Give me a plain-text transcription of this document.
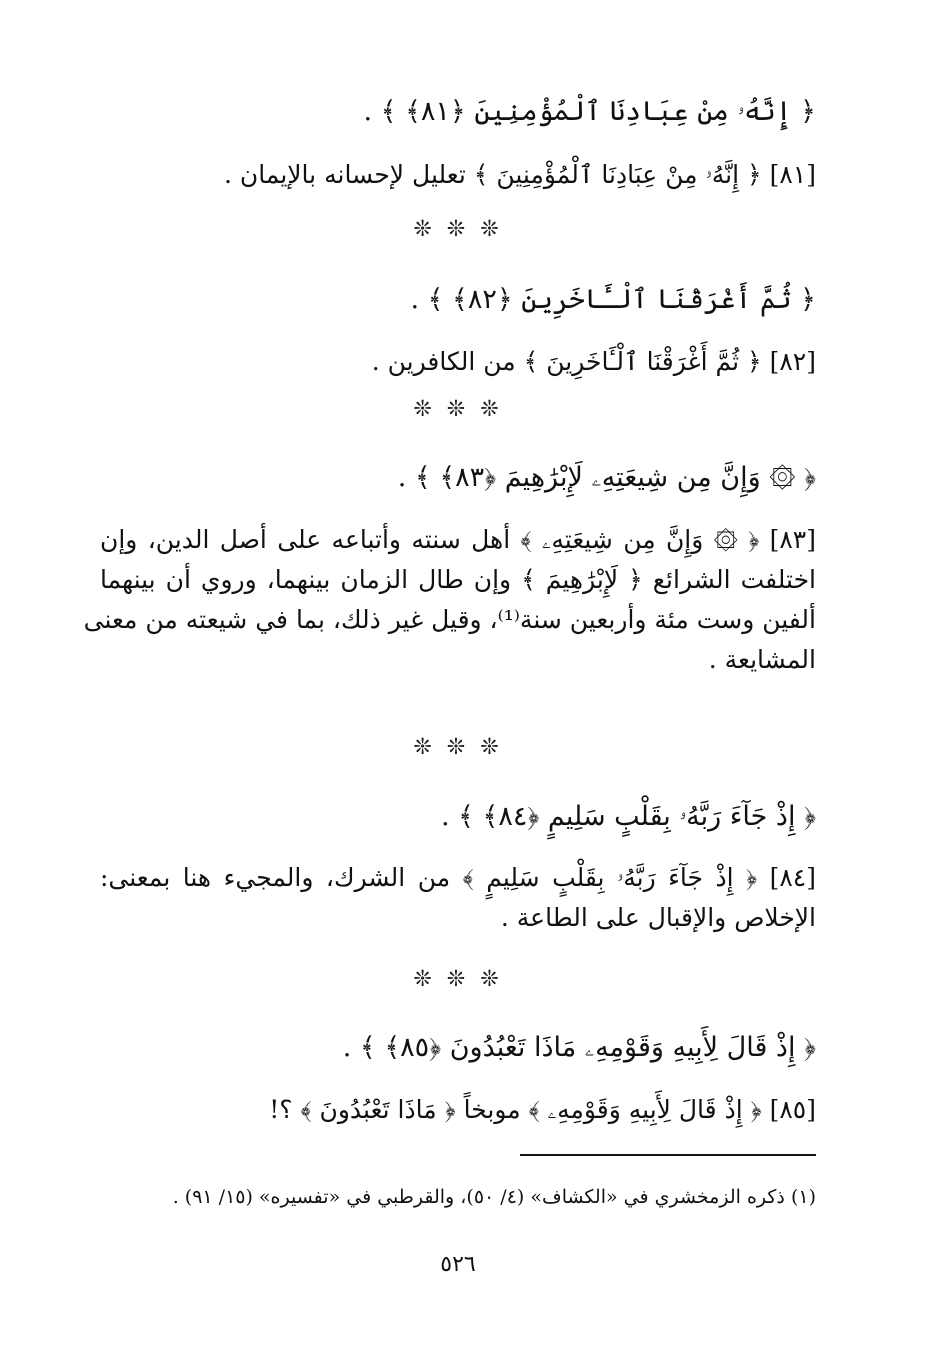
﴿ إِنَّهُۥ مِنْ عِبَادِنَا ٱلْمُؤْمِنِينَ ﴿٨١﴾ ﴾ .
[٨١] ﴿ إِنَّهُۥ مِنْ عِبَادِنَا ٱلْمُؤْمِنِينَ ﴾ تعليل لإحسانه بالإيمان .
❊ ❊ ❊
﴿ ثُمَّ أَغْرَقْنَا ٱلْـَٔاخَرِينَ ﴿٨٢﴾ ﴾ .
[٨٢] ﴿ ثُمَّ أَغْرَقْنَا ٱلْـَٔاخَرِينَ ﴾ من الكافرين .
❊ ❊ ❊
﴿ ۞ وَإِنَّ مِن شِيعَتِهِۦ لَإِبْرَٰهِيمَ ﴿٨٣﴾ ﴾ .
[٨٣] ﴿ ۞ وَإِنَّ مِن شِيعَتِهِۦ ﴾ أهل سنته وأتباعه على أصل الدين، وإن
اختلفت الشرائع ﴿ لَإِبْرَٰهِيمَ ﴾ وإن طال الزمان بينهما، وروي أن بينهما
ألفين وست مئة وأربعين سنة⁽¹⁾، وقيل غير ذلك، بما في شيعته من معنى
المشايعة .
❊ ❊ ❊
﴿ إِذْ جَآءَ رَبَّهُۥ بِقَلْبٍ سَلِيمٍ ﴿٨٤﴾ ﴾ .
[٨٤] ﴿ إِذْ جَآءَ رَبَّهُۥ بِقَلْبٍ سَلِيمٍ ﴾ من الشرك، والمجيء هنا بمعنى:
الإخلاص والإقبال على الطاعة .
❊ ❊ ❊
﴿ إِذْ قَالَ لِأَبِيهِ وَقَوْمِهِۦ مَاذَا تَعْبُدُونَ ﴿٨٥﴾ ﴾ .
[٨٥] ﴿ إِذْ قَالَ لِأَبِيهِ وَقَوْمِهِۦ ﴾ موبخاً ﴿ مَاذَا تَعْبُدُونَ ﴾ ؟!
(١) ذكره الزمخشري في «الكشاف» (٤/ ٥٠)، والقرطبي في «تفسيره» (١٥/ ٩١) .
٥٢٦
